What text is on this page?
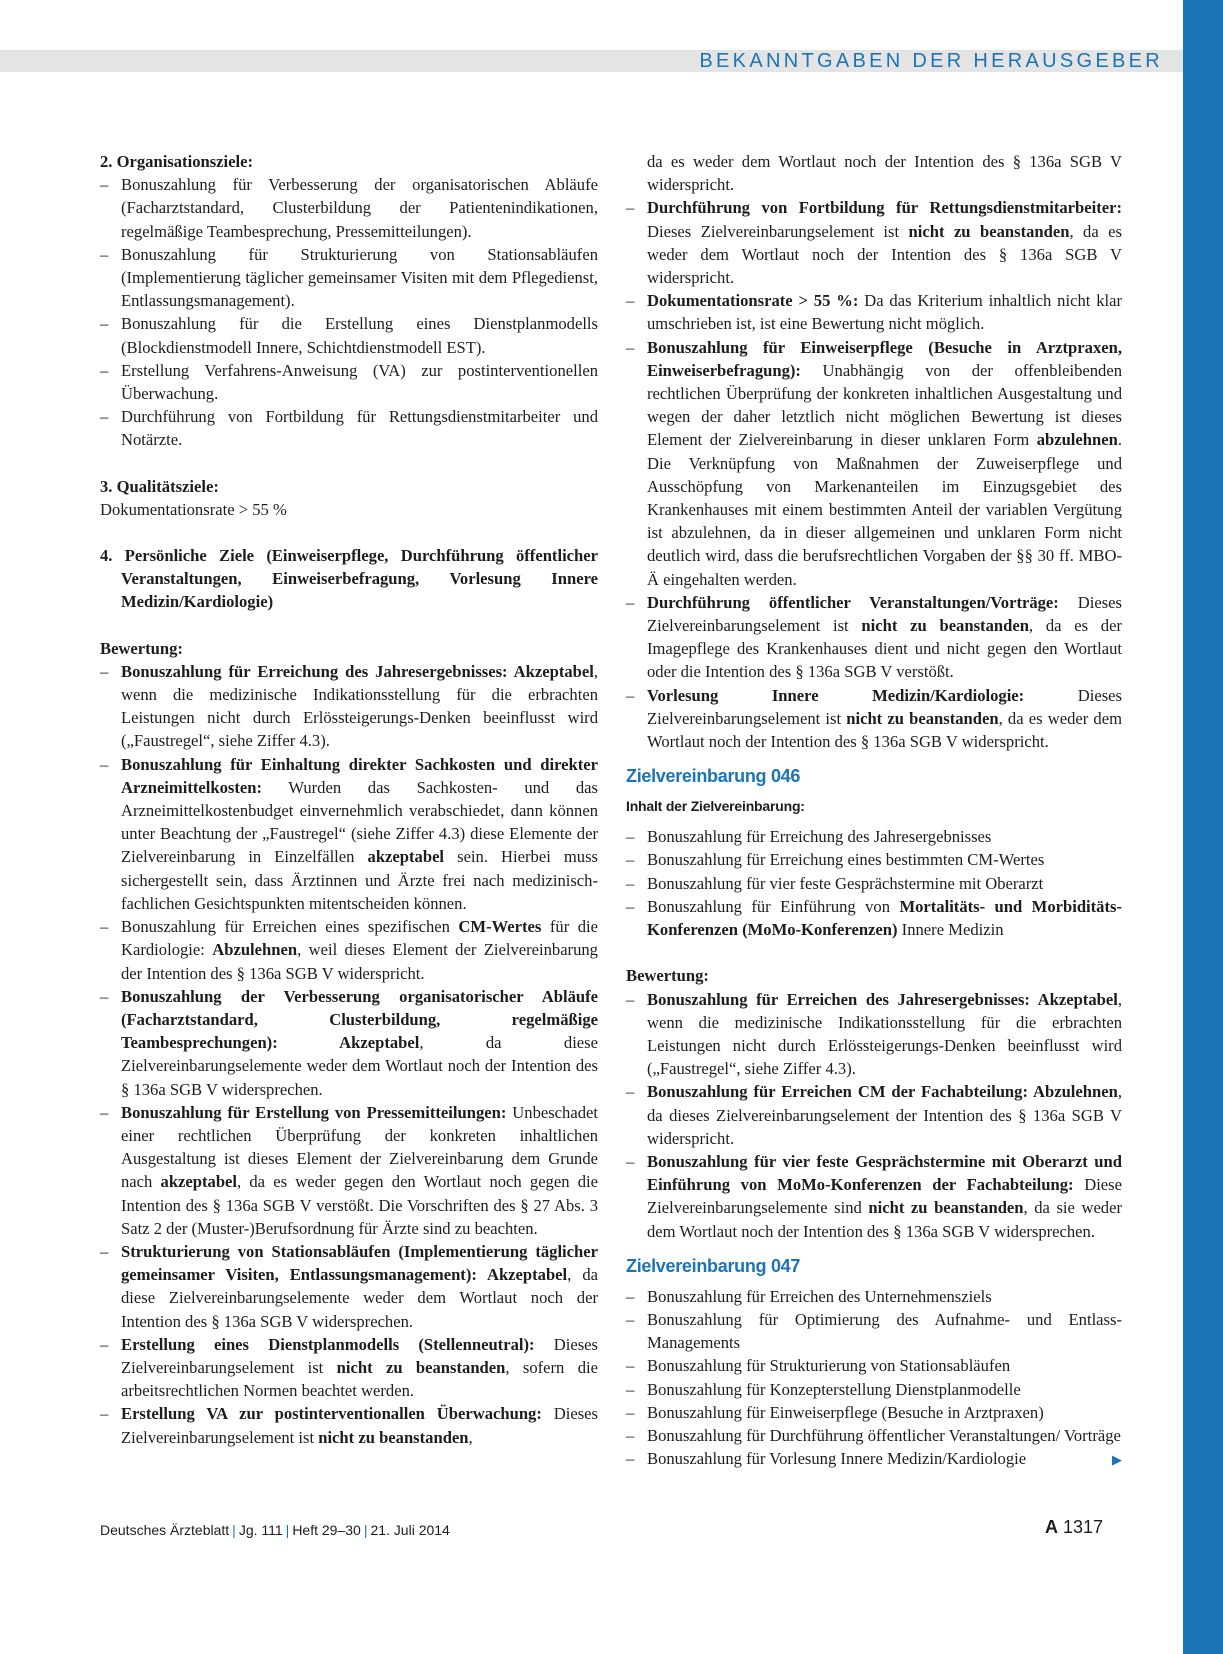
BEKANNTGABEN DER HERAUSGEBER

2. Organisationsziele:

– Bonuszahlung für Verbesserung der organisatorischen Abläufe (Facharztstandard, Clusterbildung der Patientenindikationen, regelmäßige Teambesprechung, Pressemitteilungen).

– Bonuszahlung für Strukturierung von Stationsabläufen (Implementierung täglicher gemeinsamer Visiten mit dem Pflegedienst, Entlassungsmanagement).

– Bonuszahlung für die Erstellung eines Dienstplanmodells (Blockdienstmodell Innere, Schichtdienstmodell EST).

– Erstellung Verfahrens-Anweisung (VA) zur postinterventionellen Überwachung.

– Durchführung von Fortbildung für Rettungsdienstmitarbeiter und Notärzte.

3. Qualitätsziele:

Dokumentationsrate > 55 %

4. Persönliche Ziele (Einweiserpflege, Durchführung öffentlicher Veranstaltungen, Einweiserbefragung, Vorlesung Innere Medizin/Kardiologie)

Bewertung:

– Bonuszahlung für Erreichung des Jahresergebnisses: Akzeptabel, wenn die medizinische Indikationsstellung für die erbrachten Leistungen nicht durch Erlössteigerungs-Denken beeinflusst wird („Faustregel“, siehe Ziffer 4.3).

– Bonuszahlung für Einhaltung direkter Sachkosten und direkter Arzneimittelkosten: Wurden das Sachkosten- und das Arzneimittelkostenbudget einvernehmlich verabschiedet, dann können unter Beachtung der „Faustregel“ (siehe Ziffer 4.3) diese Elemente der Zielvereinbarung in Einzelfällen akzeptabel sein. Hierbei muss sichergestellt sein, dass Ärztinnen und Ärzte frei nach medizinisch-fachlichen Gesichtspunkten mitentscheiden können.

– Bonuszahlung für Erreichen eines spezifischen CM-Wertes für die Kardiologie: Abzulehnen, weil dieses Element der Zielvereinbarung der Intention des § 136a SGB V widerspricht.

– Bonuszahlung der Verbesserung organisatorischer Abläufe (Facharztstandard, Clusterbildung, regelmäßige Teambesprechungen): Akzeptabel, da diese Zielvereinbarungselemente weder dem Wortlaut noch der Intention des § 136a SGB V widersprechen.

– Bonuszahlung für Erstellung von Pressemitteilungen: Unbeschadet einer rechtlichen Überprüfung der konkreten inhaltlichen Ausgestaltung ist dieses Element der Zielvereinbarung dem Grunde nach akzeptabel, da es weder gegen den Wortlaut noch gegen die Intention des § 136a SGB V verstößt. Die Vorschriften des § 27 Abs. 3 Satz 2 der (Muster-)Berufsordnung für Ärzte sind zu beachten.

– Strukturierung von Stationsabläufen (Implementierung täglicher gemeinsamer Visiten, Entlassungsmanagement): Akzeptabel, da diese Zielvereinbarungselemente weder dem Wortlaut noch der Intention des § 136a SGB V widersprechen.

– Erstellung eines Dienstplanmodells (Stellenneutral): Dieses Zielvereinbarungselement ist nicht zu beanstanden, sofern die arbeitsrechtlichen Normen beachtet werden.

– Erstellung VA zur postinterventionallen Überwachung: Dieses Zielvereinbarungselement ist nicht zu beanstanden,

da es weder dem Wortlaut noch der Intention des § 136a SGB V widerspricht.

– Durchführung von Fortbildung für Rettungsdienstmitarbeiter: Dieses Zielvereinbarungselement ist nicht zu beanstanden, da es weder dem Wortlaut noch der Intention des § 136a SGB V widerspricht.

– Dokumentationsrate > 55 %: Da das Kriterium inhaltlich nicht klar umschrieben ist, ist eine Bewertung nicht möglich.

– Bonuszahlung für Einweiserpflege (Besuche in Arztpraxen, Einweiserbefragung): Unabhängig von der offenbleibenden rechtlichen Überprüfung der konkreten inhaltlichen Ausgestaltung und wegen der daher letztlich nicht möglichen Bewertung ist dieses Element der Zielvereinbarung in dieser unklaren Form abzulehnen. Die Verknüpfung von Maßnahmen der Zuweiserpflege und Ausschöpfung von Markenanteilen im Einzugsgebiet des Krankenhauses mit einem bestimmten Anteil der variablen Vergütung ist abzulehnen, da in dieser allgemeinen und unklaren Form nicht deutlich wird, dass die berufsrechtlichen Vorgaben der §§ 30 ff. MBO-Ä eingehalten werden.

– Durchführung öffentlicher Veranstaltungen/Vorträge: Dieses Zielvereinbarungselement ist nicht zu beanstanden, da es der Imagepflege des Krankenhauses dient und nicht gegen den Wortlaut oder die Intention des § 136a SGB V verstößt.

– Vorlesung Innere Medizin/Kardiologie: Dieses Zielvereinbarungselement ist nicht zu beanstanden, da es weder dem Wortlaut noch der Intention des § 136a SGB V widerspricht.

Zielvereinbarung 046

Inhalt der Zielvereinbarung:

– Bonuszahlung für Erreichung des Jahresergebnisses

– Bonuszahlung für Erreichung eines bestimmten CM-Wertes

– Bonuszahlung für vier feste Gesprächstermine mit Oberarzt

– Bonuszahlung für Einführung von Mortalitäts- und Morbiditäts-Konferenzen (MoMo-Konferenzen) Innere Medizin

Bewertung:

– Bonuszahlung für Erreichen des Jahresergebnisses: Akzeptabel, wenn die medizinische Indikationsstellung für die erbrachten Leistungen nicht durch Erlössteigerungs-Denken beeinflusst wird („Faustregel“, siehe Ziffer 4.3).

– Bonuszahlung für Erreichen CM der Fachabteilung: Abzulehnen, da dieses Zielvereinbarungselement der Intention des § 136a SGB V widerspricht.

– Bonuszahlung für vier feste Gesprächstermine mit Oberarzt und Einführung von MoMo-Konferenzen der Fachabteilung: Diese Zielvereinbarungselemente sind nicht zu beanstanden, da sie weder dem Wortlaut noch der Intention des § 136a SGB V widersprechen.

Zielvereinbarung 047

– Bonuszahlung für Erreichen des Unternehmensziels

– Bonuszahlung für Optimierung des Aufnahme- und Entlass-Managements

– Bonuszahlung für Strukturierung von Stationsabläufen

– Bonuszahlung für Konzepterstellung Dienstplanmodelle

– Bonuszahlung für Einweiserpflege (Besuche in Arztpraxen)

– Bonuszahlung für Durchführung öffentlicher Veranstaltungen/ Vorträge

– Bonuszahlung für Vorlesung Innere Medizin/Kardiologie	▶

Deutsches Ärzteblatt | Jg. 111 | Heft 29–30 | 21. Juli 2014	A 1317
